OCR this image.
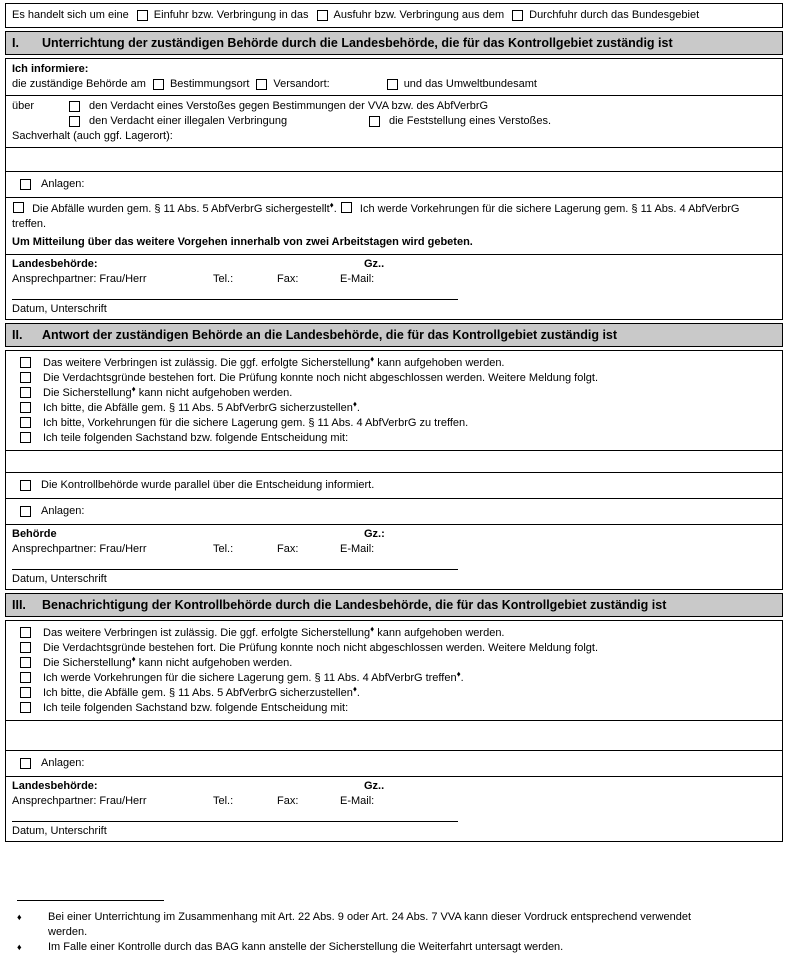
Es handelt sich um eine Einfuhr bzw. Verbringung in das Ausfuhr bzw. Verbringung aus dem Durchfuhr durch das Bundesgebiet
I.	Unterrichtung der zuständigen Behörde durch die Landesbehörde, die für das Kontrollgebiet zuständig ist
Ich informiere:
die zuständige Behörde am Bestimmungsort Versandort:	und das Umweltbundesamt
über	den Verdacht eines Verstoßes gegen Bestimmungen der VVA bzw. des AbfVerbrG
den Verdacht einer illegalen Verbringung	die Feststellung eines Verstoßes.
Sachverhalt (auch ggf. Lagerort):
Anlagen:
Die Abfälle wurden gem. § 11 Abs. 5 AbfVerbrG sichergestellt♦. Ich werde Vorkehrungen für die sichere Lagerung gem. § 11 Abs. 4 AbfVerbrG treffen.
Um Mitteilung über das weitere Vorgehen innerhalb von zwei Arbeitstagen wird gebeten.
Landesbehörde:	Gz..
Ansprechpartner: Frau/Herr	Tel.:	Fax:	E-Mail:
Datum, Unterschrift
II.	Antwort der zuständigen Behörde an die Landesbehörde, die für das Kontrollgebiet zuständig ist
Das weitere Verbringen ist zulässig. Die ggf. erfolgte Sicherstellung♦ kann aufgehoben werden.
Die Verdachtsgründe bestehen fort. Die Prüfung konnte noch nicht abgeschlossen werden. Weitere Meldung folgt.
Die Sicherstellung♦ kann nicht aufgehoben werden.
Ich bitte, die Abfälle gem. § 11 Abs. 5 AbfVerbrG sicherzustellen♦.
Ich bitte, Vorkehrungen für die sichere Lagerung gem. § 11 Abs. 4 AbfVerbrG zu treffen.
Ich teile folgenden Sachstand bzw. folgende Entscheidung mit:
Die Kontrollbehörde wurde parallel über die Entscheidung informiert.
Anlagen:
Behörde	Gz.:
Ansprechpartner: Frau/Herr	Tel.:	Fax:	E-Mail:
Datum, Unterschrift
III.	Benachrichtigung der Kontrollbehörde durch die Landesbehörde, die für das Kontrollgebiet zuständig ist
Das weitere Verbringen ist zulässig. Die ggf. erfolgte Sicherstellung♦ kann aufgehoben werden.
Die Verdachtsgründe bestehen fort. Die Prüfung konnte noch nicht abgeschlossen werden. Weitere Meldung folgt.
Die Sicherstellung♦ kann nicht aufgehoben werden.
Ich werde Vorkehrungen für die sichere Lagerung gem. § 11 Abs. 4 AbfVerbrG treffen♦.
Ich bitte, die Abfälle gem. § 11 Abs. 5 AbfVerbrG sicherzustellen♦.
Ich teile folgenden Sachstand bzw. folgende Entscheidung mit:
Anlagen:
Landesbehörde:	Gz..
Ansprechpartner: Frau/Herr	Tel.:	Fax:	E-Mail:
Datum, Unterschrift
♦	Bei einer Unterrichtung im Zusammenhang mit Art. 22 Abs. 9 oder Art. 24 Abs. 7 VVA kann dieser Vordruck entsprechend verwendet werden.
♦	Im Falle einer Kontrolle durch das BAG kann anstelle der Sicherstellung die Weiterfahrt untersagt werden.
